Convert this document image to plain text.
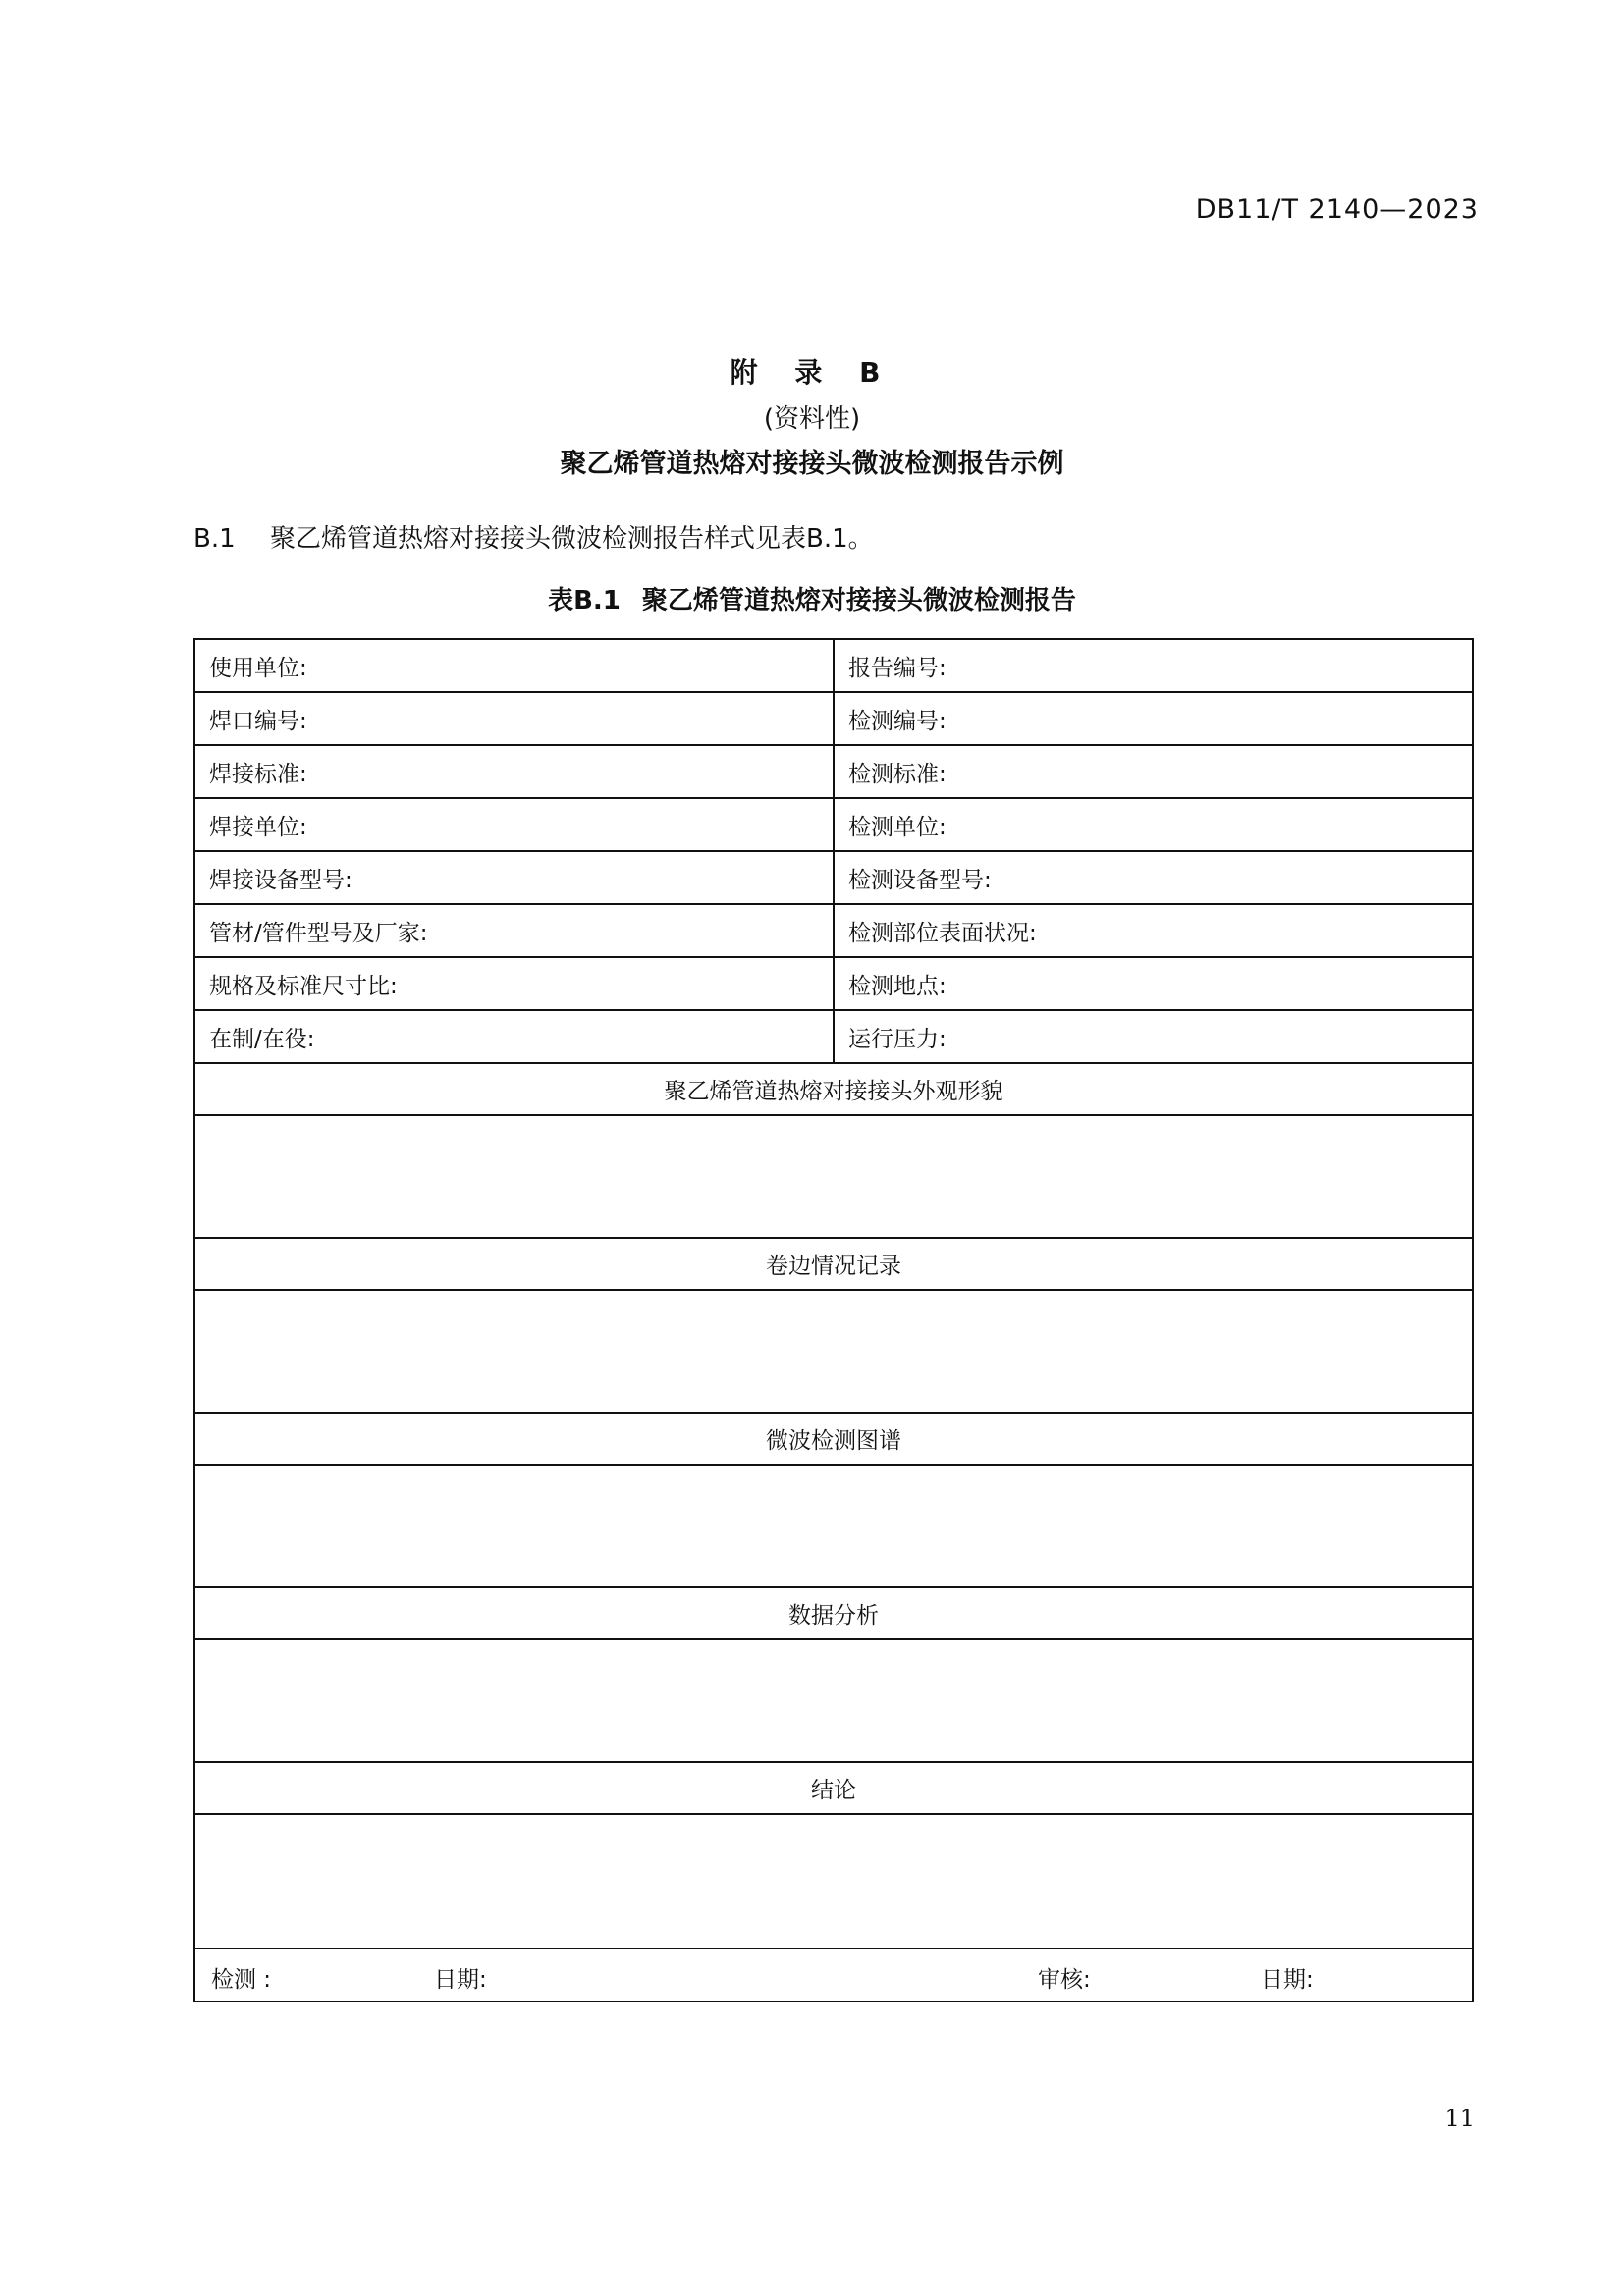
DB11/T 2140—2023
附 录 B
(资料性)
聚乙烯管道热熔对接接头微波检测报告示例
B.1 聚乙烯管道热熔对接接头微波检测报告样式见表B.1。
表B.1 聚乙烯管道热熔对接接头微波检测报告
使用单位:	报告编号:
焊口编号:	检测编号:
焊接标准:	检测标准:
焊接单位:	检测单位:
焊接设备型号:	检测设备型号:
管材/管件型号及厂家:	检测部位表面状况:
规格及标准尺寸比:	检测地点:
在制/在役:	运行压力:
聚乙烯管道热熔对接接头外观形貌	

卷边情况记录	

微波检测图谱	

数据分析	

结论	

检测 : 日期: 审核: 日期:	
11
